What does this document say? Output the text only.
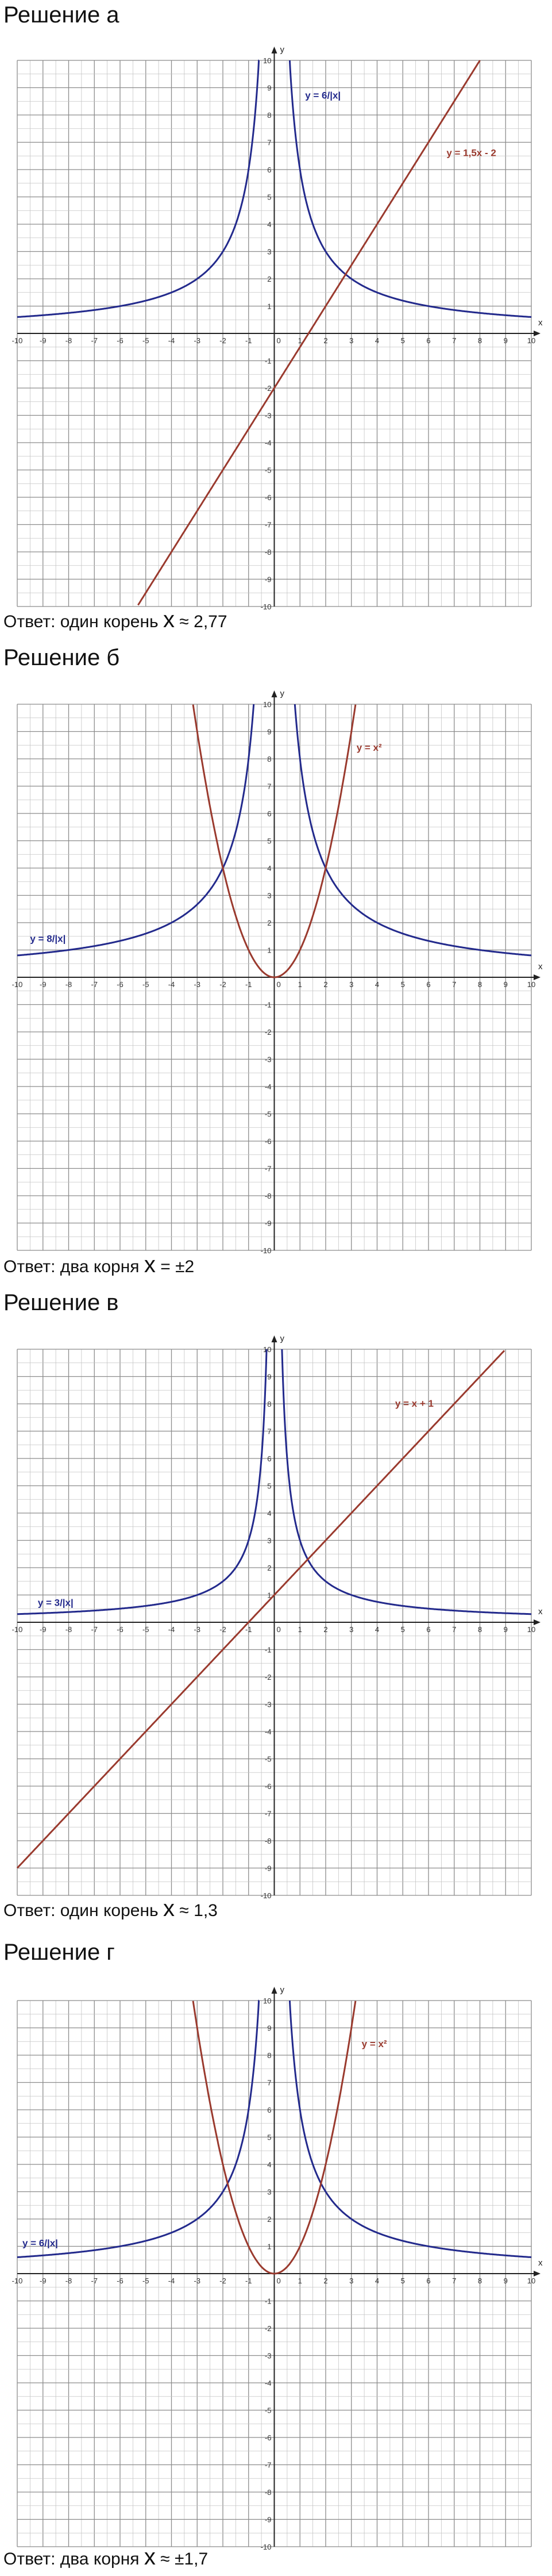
Решение а
x
y
-10 -9	-8	-7	-6	-5	-4	-3	-2	-1	1	2	3	4	5	6	7	8	9	10
-10
-9
-8
-7
-6
-5
-4
-3
-2
-1
1
2
3
4
5
6
7
8
9
10
0
y = 6/|x|
y = 1,5x - 2
Ответ: один корень x ≈ 2,77
Решение б
x
y
-10 -9	-8	-7	-6	-5	-4	-3	-2	-1	1	2	3	4	5	6	7	8	9	10
-10
-9
-8
-7
-6
-5
-4
-3
-2
-1
1
2
3
4
5
6
7
8
9
10
0
y = 8/|x|
y = x²
Ответ: два корня x = ±2
Решение в
x
y
-10 -9	-8	-7	-6	-5	-4	-3	-2	-1	1	2	3	4	5	6	7	8	9	10
-10
-9
-8
-7
-6
-5
-4
-3
-2
-1
1
2
3
4
5
6
7
8
9
10
0
y = 3/|x|
y = x + 1
Ответ: один корень x ≈ 1,3
Решение г
x
y
-10 -9	-8	-7	-6	-5	-4	-3	-2	-1	1	2	3	4	5	6	7	8	9	10
-10
-9
-8
-7
-6
-5
-4
-3
-2
-1
1
2
3
4
5
6
7
8
9
10
0
y = 6/|x|
y = x²
Ответ: два корня x ≈ ±1,7
